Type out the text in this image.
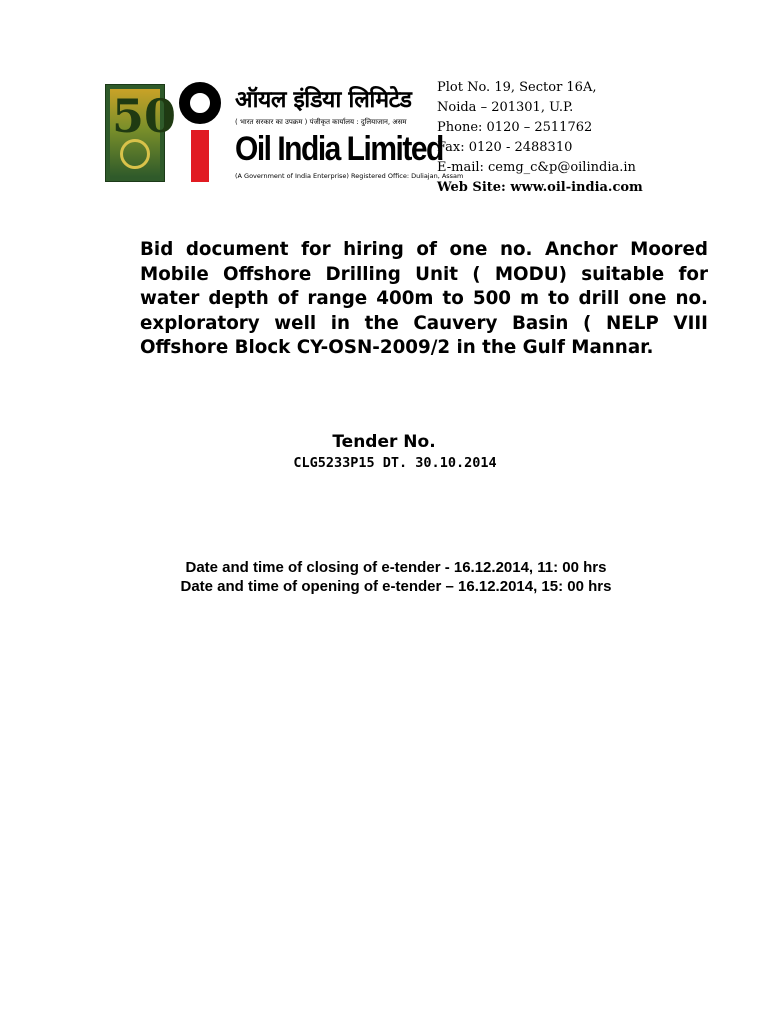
50	ऑयल इंडिया लिमिटेड
( भारत सरकार का उपक्रम ) पंजीकृत कार्यालय : दुलियाजान, असम
Oil India Limited
(A Government of India Enterprise) Registered Office: Duliajan, Assam
Plot No. 19, Sector 16A,
Noida – 201301, U.P.
Phone: 0120 – 2511762
Fax: 0120 - 2488310
E-mail: cemg_c&p@oilindia.in
Web Site: www.oil-india.com

Bid document for hiring of one no. Anchor Moored Mobile Offshore Drilling Unit ( MODU) suitable for water depth of range 400m to 500 m to drill one no. exploratory well in the Cauvery Basin ( NELP VIII Offshore Block CY-OSN-2009/2 in the Gulf Mannar.

Tender No.
CLG5233P15 DT. 30.10.2014
Date and time of closing of e-tender - 16.12.2014, 11: 00 hrs
Date and time of opening of e-tender – 16.12.2014, 15: 00 hrs
